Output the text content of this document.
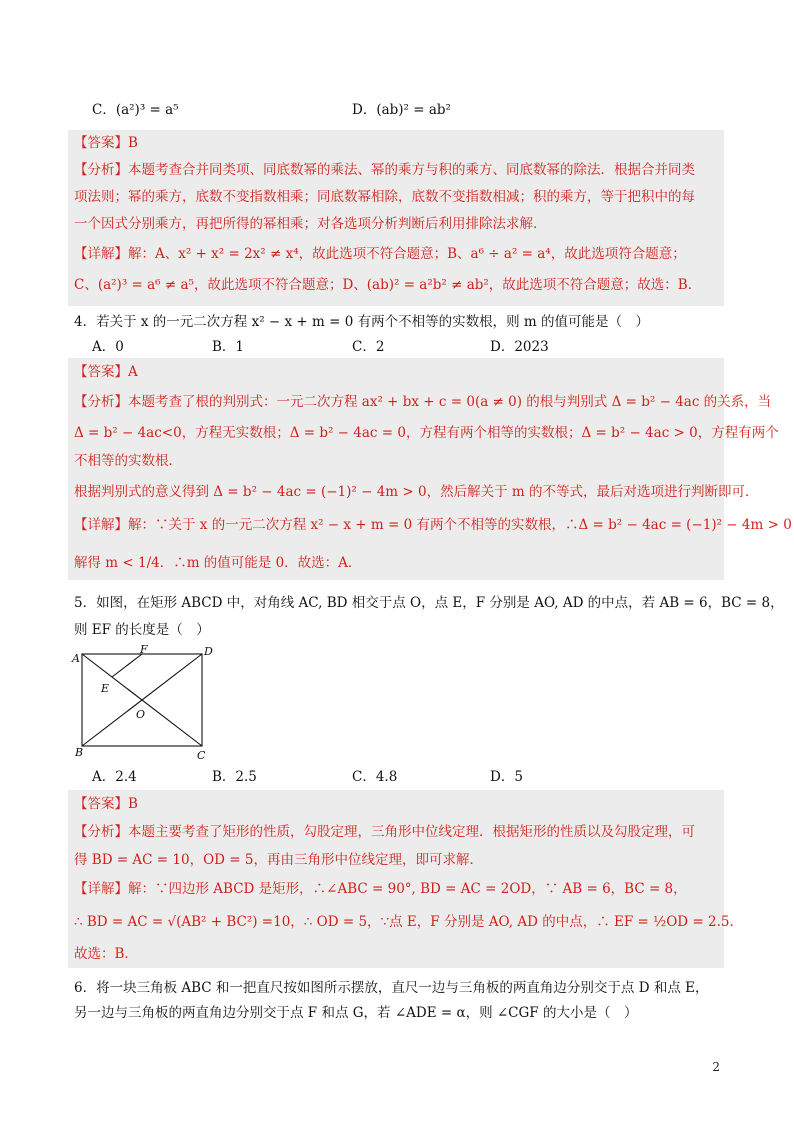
C．(a²)³ = a⁵	D．(ab)² = ab²
【答案】B
【分析】本题考查合并同类项、同底数幂的乘法、幂的乘方与积的乘方、同底数幂的除法．根据合并同类
项法则；幂的乘方，底数不变指数相乘；同底数幂相除，底数不变指数相减；积的乘方，等于把积中的每
一个因式分别乘方，再把所得的幂相乘；对各选项分析判断后利用排除法求解．
【详解】解：A、x² + x² = 2x² ≠ x⁴，故此选项不符合题意；B、a⁶ ÷ a² = a⁴，故此选项符合题意；
C、(a²)³ = a⁶ ≠ a⁵，故此选项不符合题意；D、(ab)² = a²b² ≠ ab²，故此选项不符合题意；故选：B．
4．若关于 x 的一元二次方程 x² − x + m = 0 有两个不相等的实数根，则 m 的值可能是（　）
A．0	B．1	C．2	D．2023
【答案】A
【分析】本题考查了根的判别式：一元二次方程 ax² + bx + c = 0(a ≠ 0) 的根与判别式 Δ = b² − 4ac 的关系，当
Δ = b² − 4ac<0，方程无实数根；Δ = b² − 4ac = 0，方程有两个相等的实数根；Δ = b² − 4ac > 0，方程有两个
不相等的实数根．
根据判别式的意义得到 Δ = b² − 4ac = (−1)² − 4m > 0，然后解关于 m 的不等式，最后对选项进行判断即可．
【详解】解：∵关于 x 的一元二次方程 x² − x + m = 0 有两个不相等的实数根，∴Δ = b² − 4ac = (−1)² − 4m > 0
解得 m < 1/4．∴m 的值可能是 0．故选：A．
5．如图，在矩形 ABCD 中，对角线 AC, BD 相交于点 O，点 E，F 分别是 AO, AD 的中点，若 AB = 6，BC = 8，
则 EF 的长度是（　）
A
D
B	C
F
E
O
A．2.4	B．2.5	C．4.8	D．5
【答案】B
【分析】本题主要考查了矩形的性质，勾股定理，三角形中位线定理．根据矩形的性质以及勾股定理，可
得 BD = AC = 10，OD = 5，再由三角形中位线定理，即可求解．
【详解】解：∵四边形 ABCD 是矩形，∴∠ABC = 90°, BD = AC = 2OD，∵ AB = 6，BC = 8，
∴ BD = AC = √(AB² + BC²) =10，∴ OD = 5，∵点 E，F 分别是 AO, AD 的中点，∴ EF = ½OD = 2.5．
故选：B．
6．将一块三角板 ABC 和一把直尺按如图所示摆放，直尺一边与三角板的两直角边分别交于点 D 和点 E，
另一边与三角板的两直角边分别交于点 F 和点 G，若 ∠ADE = α，则 ∠CGF 的大小是（　）
2
